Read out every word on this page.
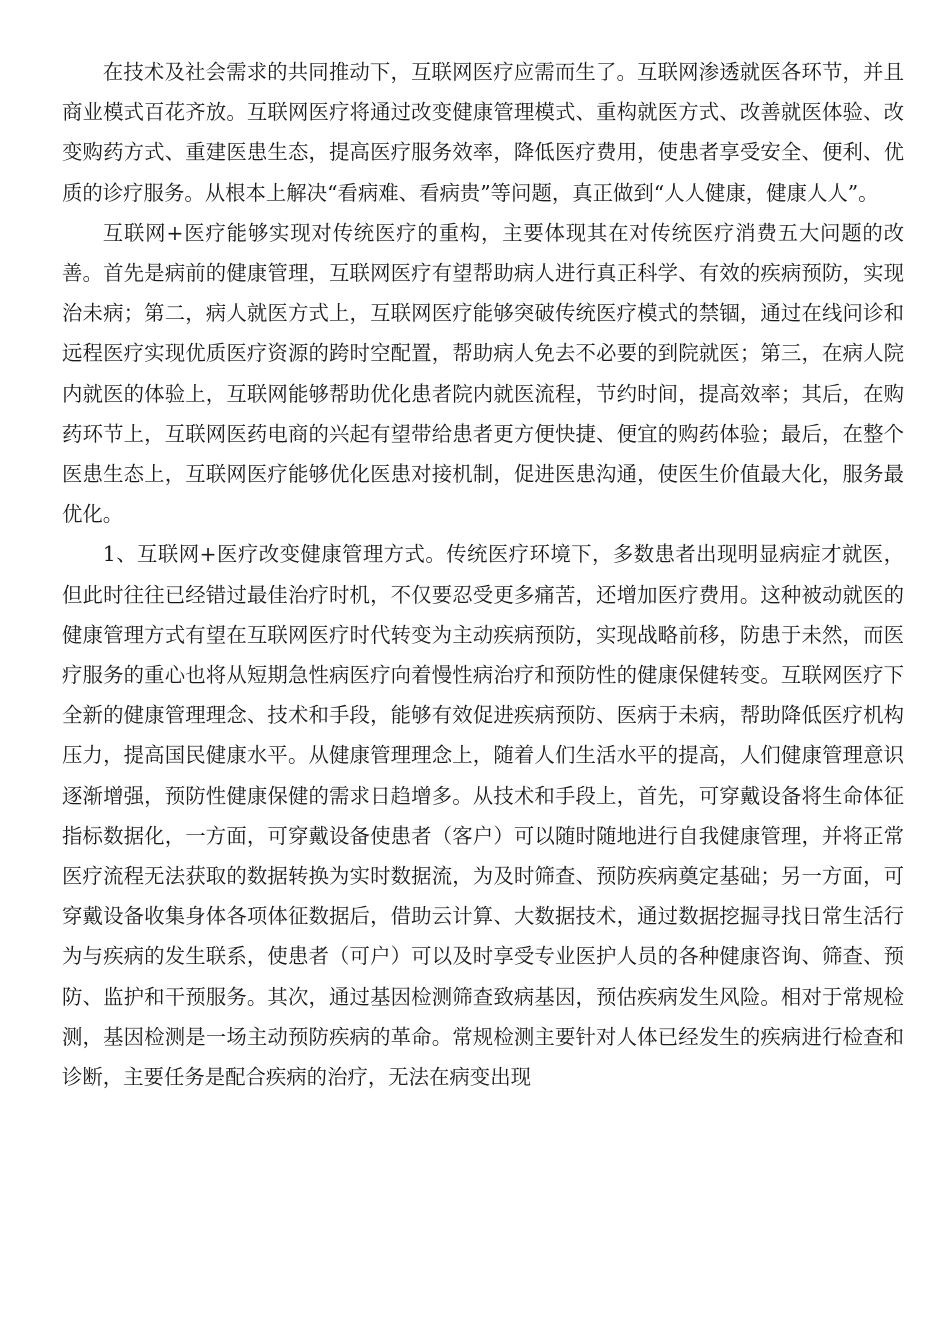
在技术及社会需求的共同推动下，互联网医疗应需而生了。互联网渗透就医各环节，并且商业模式百花齐放。互联网医疗将通过改变健康管理模式、重构就医方式、改善就医体验、改变购药方式、重建医患生态，提高医疗服务效率，降低医疗费用，使患者享受安全、便利、优质的诊疗服务。从根本上解决“看病难、看病贵”等问题，真正做到“人人健康，健康人人”。

互联网+医疗能够实现对传统医疗的重构，主要体现其在对传统医疗消费五大问题的改善。首先是病前的健康管理，互联网医疗有望帮助病人进行真正科学、有效的疾病预防，实现治未病；第二，病人就医方式上，互联网医疗能够突破传统医疗模式的禁锢，通过在线问诊和远程医疗实现优质医疗资源的跨时空配置，帮助病人免去不必要的到院就医；第三，在病人院内就医的体验上，互联网能够帮助优化患者院内就医流程，节约时间，提高效率；其后，在购药环节上，互联网医药电商的兴起有望带给患者更方便快捷、便宜的购药体验；最后，在整个医患生态上，互联网医疗能够优化医患对接机制，促进医患沟通，使医生价值最大化，服务最优化。

1、互联网+医疗改变健康管理方式。传统医疗环境下，多数患者出现明显病症才就医，但此时往往已经错过最佳治疗时机，不仅要忍受更多痛苦，还增加医疗费用。这种被动就医的健康管理方式有望在互联网医疗时代转变为主动疾病预防，实现战略前移，防患于未然，而医疗服务的重心也将从短期急性病医疗向着慢性病治疗和预防性的健康保健转变。互联网医疗下全新的健康管理理念、技术和手段，能够有效促进疾病预防、医病于未病，帮助降低医疗机构压力，提高国民健康水平。从健康管理理念上，随着人们生活水平的提高，人们健康管理意识逐渐增强，预防性健康保健的需求日趋增多。从技术和手段上，首先，可穿戴设备将生命体征指标数据化，一方面，可穿戴设备使患者（客户）可以随时随地进行自我健康管理，并将正常医疗流程无法获取的数据转换为实时数据流，为及时筛查、预防疾病奠定基础；另一方面，可穿戴设备收集身体各项体征数据后，借助云计算、大数据技术，通过数据挖掘寻找日常生活行为与疾病的发生联系，使患者（可户）可以及时享受专业医护人员的各种健康咨询、筛查、预防、监护和干预服务。其次，通过基因检测筛查致病基因，预估疾病发生风险。相对于常规检测，基因检测是一场主动预防疾病的革命。常规检测主要针对人体已经发生的疾病进行检查和诊断，主要任务是配合疾病的治疗，无法在病变出现
